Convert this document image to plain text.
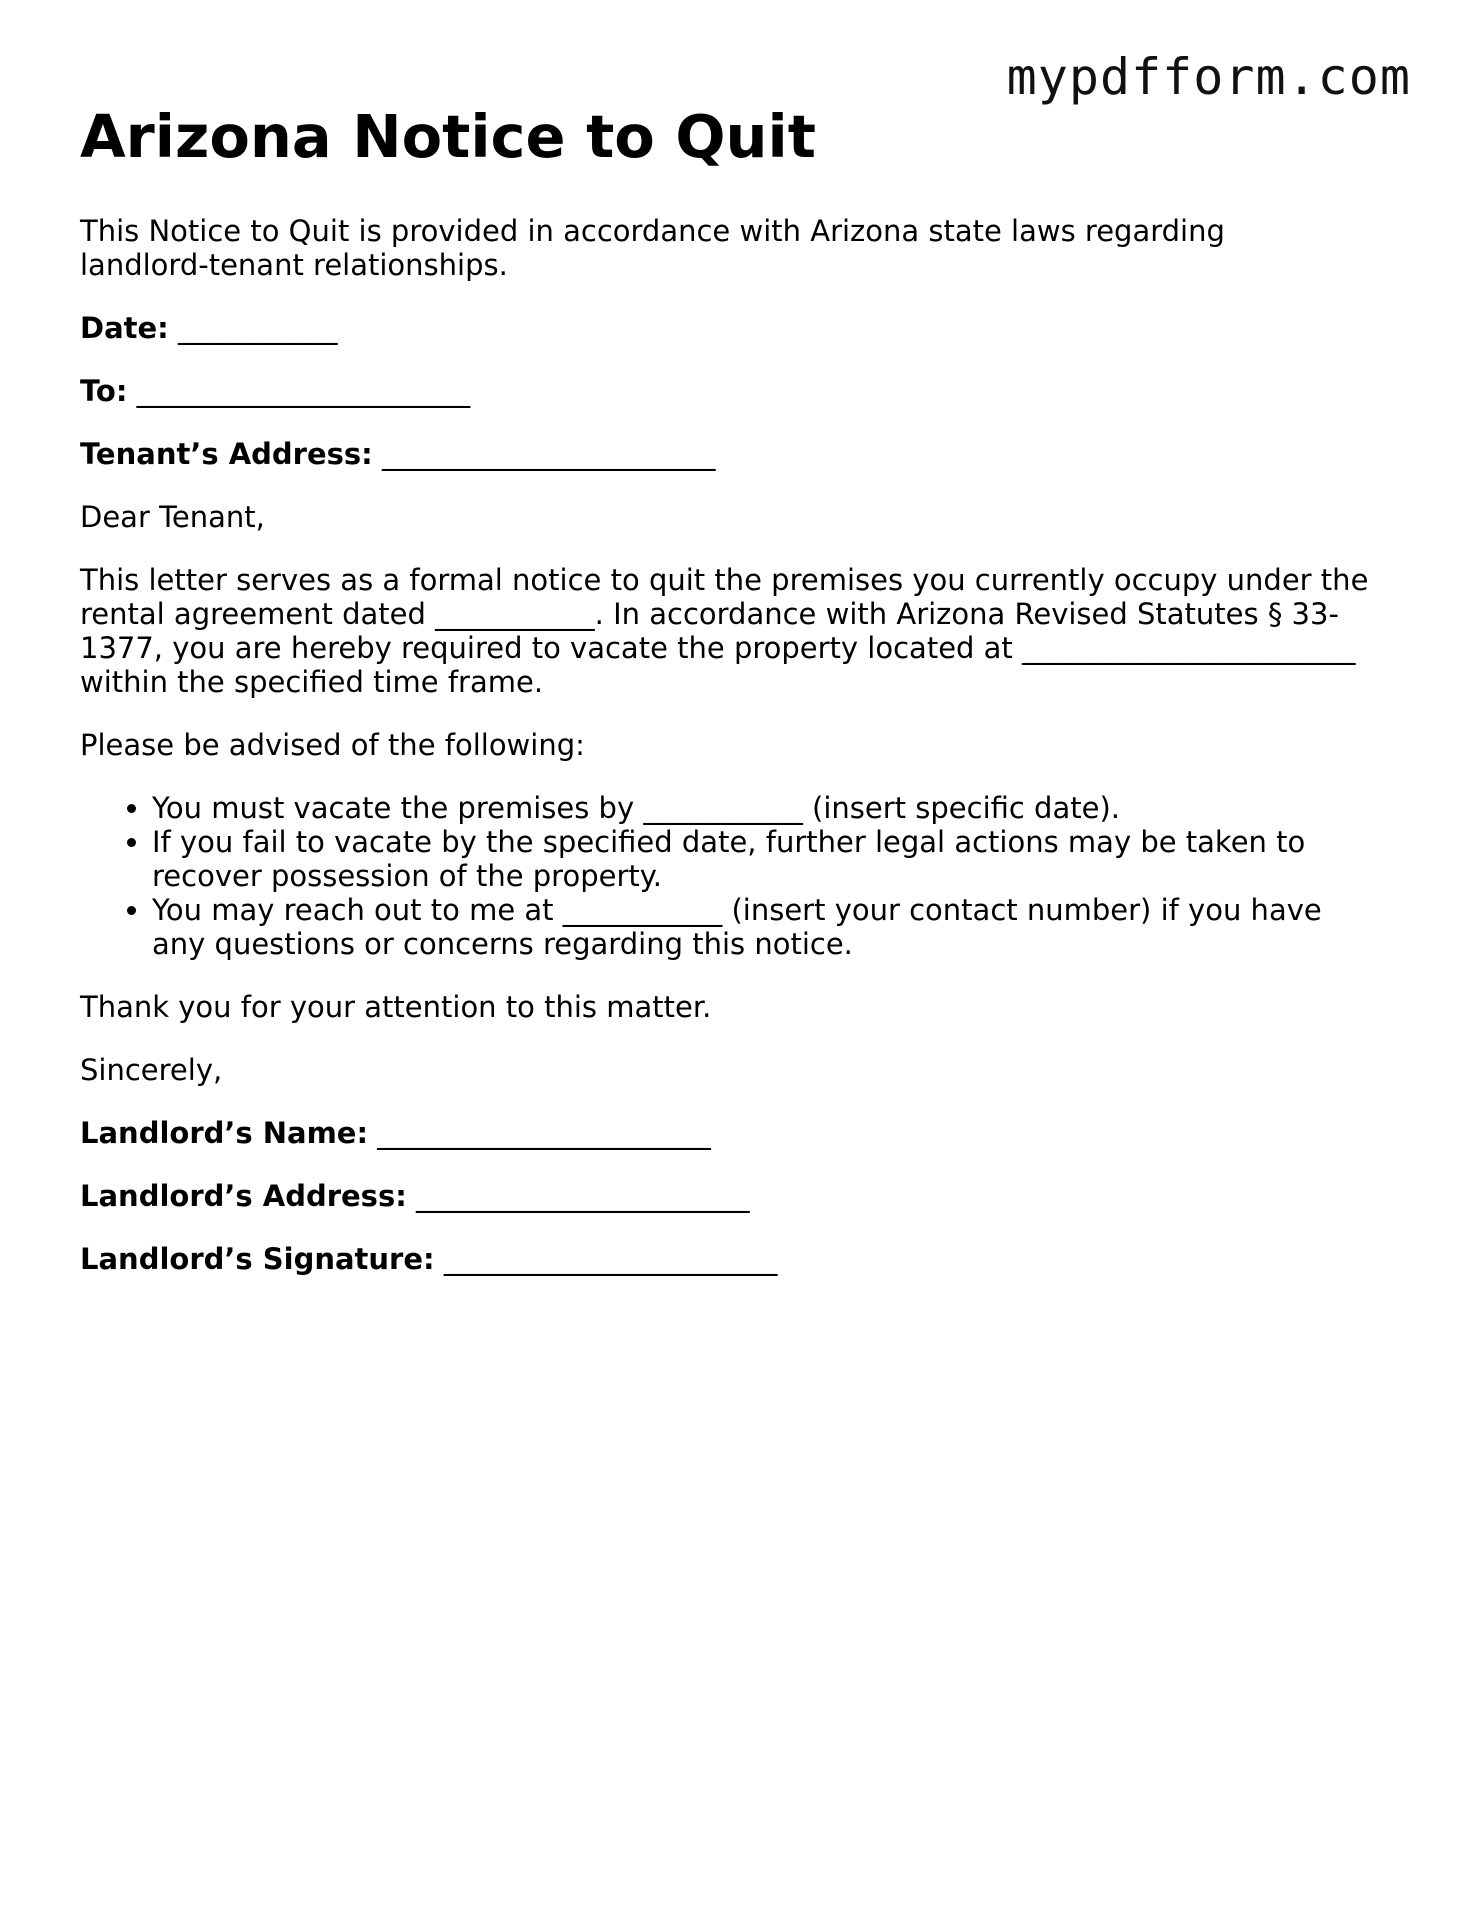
mypdfform.com
Arizona Notice to Quit

This Notice to Quit is provided in accordance with Arizona state laws regarding landlord-tenant relationships.

Date: ___________

To: _______________________

Tenant’s Address: _______________________

Dear Tenant,

This letter serves as a formal notice to quit the premises you currently occupy under the rental agreement dated ___________. In accordance with Arizona Revised Statutes § 33-1377, you are hereby required to vacate the property located at _______________________ within the specified time frame.

Please be advised of the following:

• You must vacate the premises by ___________ (insert specific date).
• If you fail to vacate by the specified date, further legal actions may be taken to recover possession of the property.
• You may reach out to me at ___________ (insert your contact number) if you have any questions or concerns regarding this notice.

Thank you for your attention to this matter.

Sincerely,

Landlord’s Name: _______________________

Landlord’s Address: _______________________

Landlord’s Signature: _______________________
